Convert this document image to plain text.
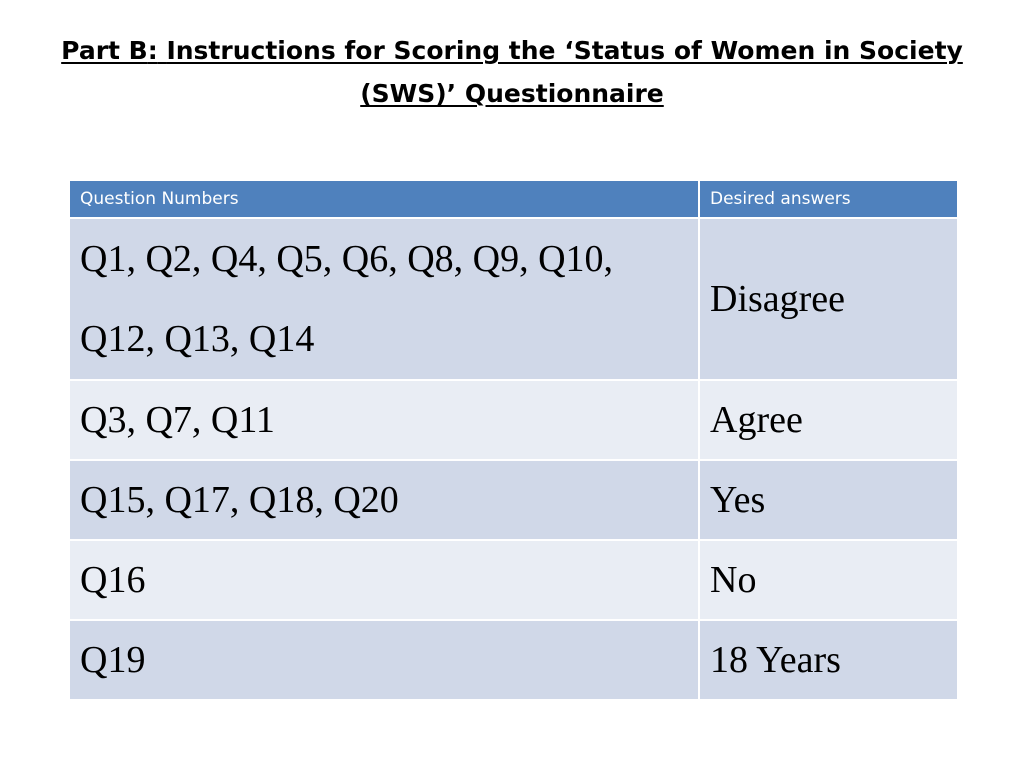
Part B: Instructions for Scoring the ‘Status of Women in Society (SWS)’ Questionnaire
Question Numbers	Desired answers
Q1, Q2, Q4, Q5, Q6, Q8, Q9, Q10, Q12, Q13, Q14	Disagree
Q3, Q7, Q11	Agree
Q15, Q17, Q18, Q20	Yes
Q16	No
Q19	18 Years
